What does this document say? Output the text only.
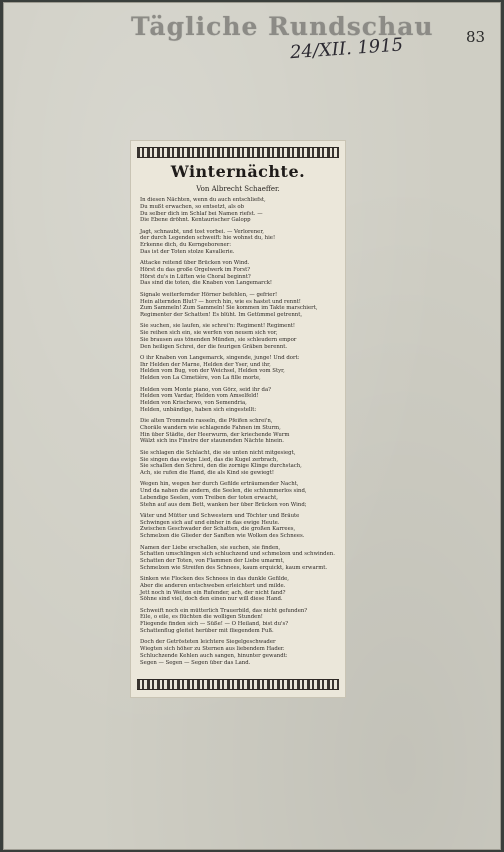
Tägliche Rundschau
24/XII. 1915	83
Winternächte.
Von Albrecht Schaeffer.
In diesen Nächten, wenn du auch entschliefst,
Du mußt erwachen, so entsetzt, als ob
Du selber dich im Schlaf bei Namen riefst. —
Die Ebene dröhnt. Kentaurischer Galopp
Jagt, schnaubt, und tost vorbei. — Verlorener,
der durch Legenden schweift: hie wohnst du, hie!
Erkenne dich, du Kerngeborener:
Das ist der Toten stolze Kavallerie.
Attacke reitend über Brücken von Wind.
Hörst du das große Orgelwerk im Forst?
Hörst du's in Lüften wie Choral beginnt?
Das sind die toten, die Knaben von Langemarck!
Signale weiterfernder Hörner befehlen, — gefrier!
Hein alternden Blut? — horch hin, wie es hastet und rennt!
Zum Sammeln! Zum Sammeln! Sie kommen im Takte marschiert,
Regimenter der Schatten! Es blüht. Im Getümmel getrennt,
Sie suchen, sie laufen, sie schrei'n: Regiment! Regiment!
Sie reihen sich ein, sie werfen von neuem sich vor,
Sie brausen aus tönenden Münden, sie schleudern empor
Den heiligen Schrei, der die feurigen Gräben berennt.
O ihr Knaben von Langemarck, singende, junge! Und dort:
Ihr Helden der Marne, Helden der Yser, und ihr,
Helden vom Bug, von der Weichsel, Helden vom Styr,
Helden von La Cimetière, von La fille morte,
Helden vom Monte piano, von Görz, seid ihr da?
Helden vom Vardar, Helden vom Amselfeld!
Helden von Krischewo, von Semendria,
Helden, unbändige, haben sich eingestellt:
Die alten Trommeln rasseln, die Pfeifen schrei'n,
Choräle wandern wie schlagende Fahnen im Sturm,
Hin über Städte, der Heerwurm, der kriechende Wurm
Wälzt sich ins Finstre der staunenden Nächte hinein.
Sie schlagen die Schlacht, die sie unten nicht mitgesiegt,
Sie singen das ewige Lied, das die Kugel zerbrach,
Sie schallen den Schrei, den die zornige Klinge durchstach,
Ach, sie rufen die Hand, die als Kind sie gewiegt!
Wegen hin, wegen her durch Gefilde erträumender Nacht,
Und da nahen die andern, die Seelen, die schlummerlos sind,
Lebendige Seelen, vom Treiben der toten erwacht,
Stehn auf aus dem Bett, wanken her über Brücken von Wind;
Väter und Mütter und Schwestern und Töchter und Bräute
Schwingen sich auf und einher in das ewige Heute.
Zwischen Geschwader der Schatten, die großen Karrees,
Schmelzen die Glieder der Sanften wie Wolken des Schnees.
Namen der Liebe erschallen, sie suchen, sie finden,
Schatten umschlingen sich schluchzend und schmelzen und schwinden.
Schatten der Toten, von Flammen der Liebe umarmt,
Schmelzen wie Streifen des Schnees, kaum erquickt, kaum erwarmt.
Sinken wie Flocken des Schnees in das dunkle Gefilde,
Aber die anderen entschweben erleichtert und milde.
Jett noch in Weiten ein Rufender, ach, der nicht fand?
Söhne sind viel, doch den einen nur will diese Hand.
Schweift noch ein mütterlich Trauerbild, das nicht gefunden?
Eile, o eile, es flüchten die wolligen Stunden!
Fliegende finden sich — Süße! — O Heiland, bist du's?
Schattenflug gleitet herüber mit fliegendem Fuß.
Doch der Getrösteten leichtere Siegelgeschwader
Wiegten sich höher zu Sternen aus liebendem Hader.
Schluchzende Kehlen auch sangen, hinunter gewandt:
Segen — Segen — Segen über das Land.
